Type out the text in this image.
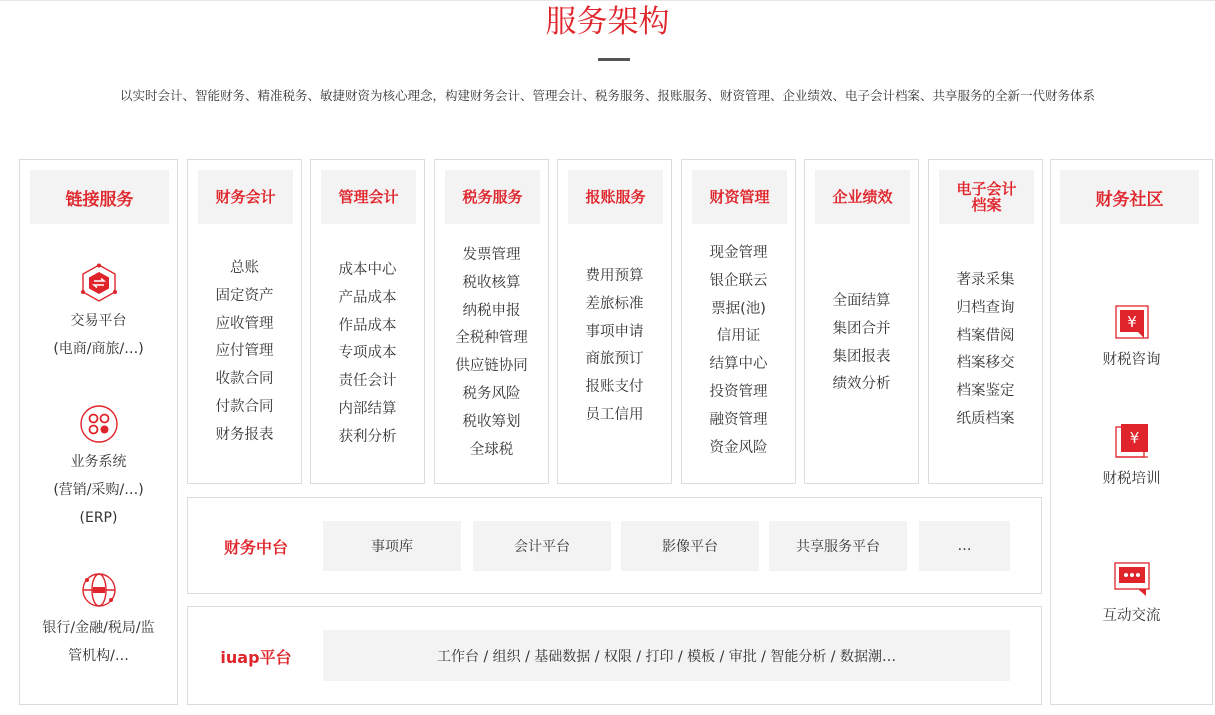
服务架构
以实时会计、智能财务、精准税务、敏捷财资为核心理念，构建财务会计、管理会计、税务服务、报账服务、财资管理、企业绩效、电子会计档案、共享服务的全新一代财务体系
链接服务
交易平台
(电商/商旅/…)
业务系统
(营销/采购/…)
(ERP)
银行/金融/税局/监
管机构/…
财务会计
总账
固定资产
应收管理
应付管理
收款合同
付款合同
财务报表
管理会计
成本中心
产品成本
作品成本
专项成本
责任会计
内部结算
获利分析
税务服务
发票管理
税收核算
纳税申报
全税种管理
供应链协同
税务风险
税收筹划
全球税
报账服务
费用预算
差旅标准
事项申请
商旅预订
报账支付
员工信用
财资管理
现金管理
银企联云
票据(池)
信用证
结算中心
投资管理
融资管理
资金风险
企业绩效
全面结算
集团合并
集团报表
绩效分析
电子会计档案
著录采集
归档查询
档案借阅
档案移交
档案鉴定
纸质档案
财务中台	事项库	会计平台	影像平台	共享服务平台	…
iuap平台	工作台 / 组织 / 基础数据 / 权限 / 打印 / 模板 / 审批 / 智能分析 / 数据潮…
财务社区
¥
财税咨询
¥
财税培训
互动交流
